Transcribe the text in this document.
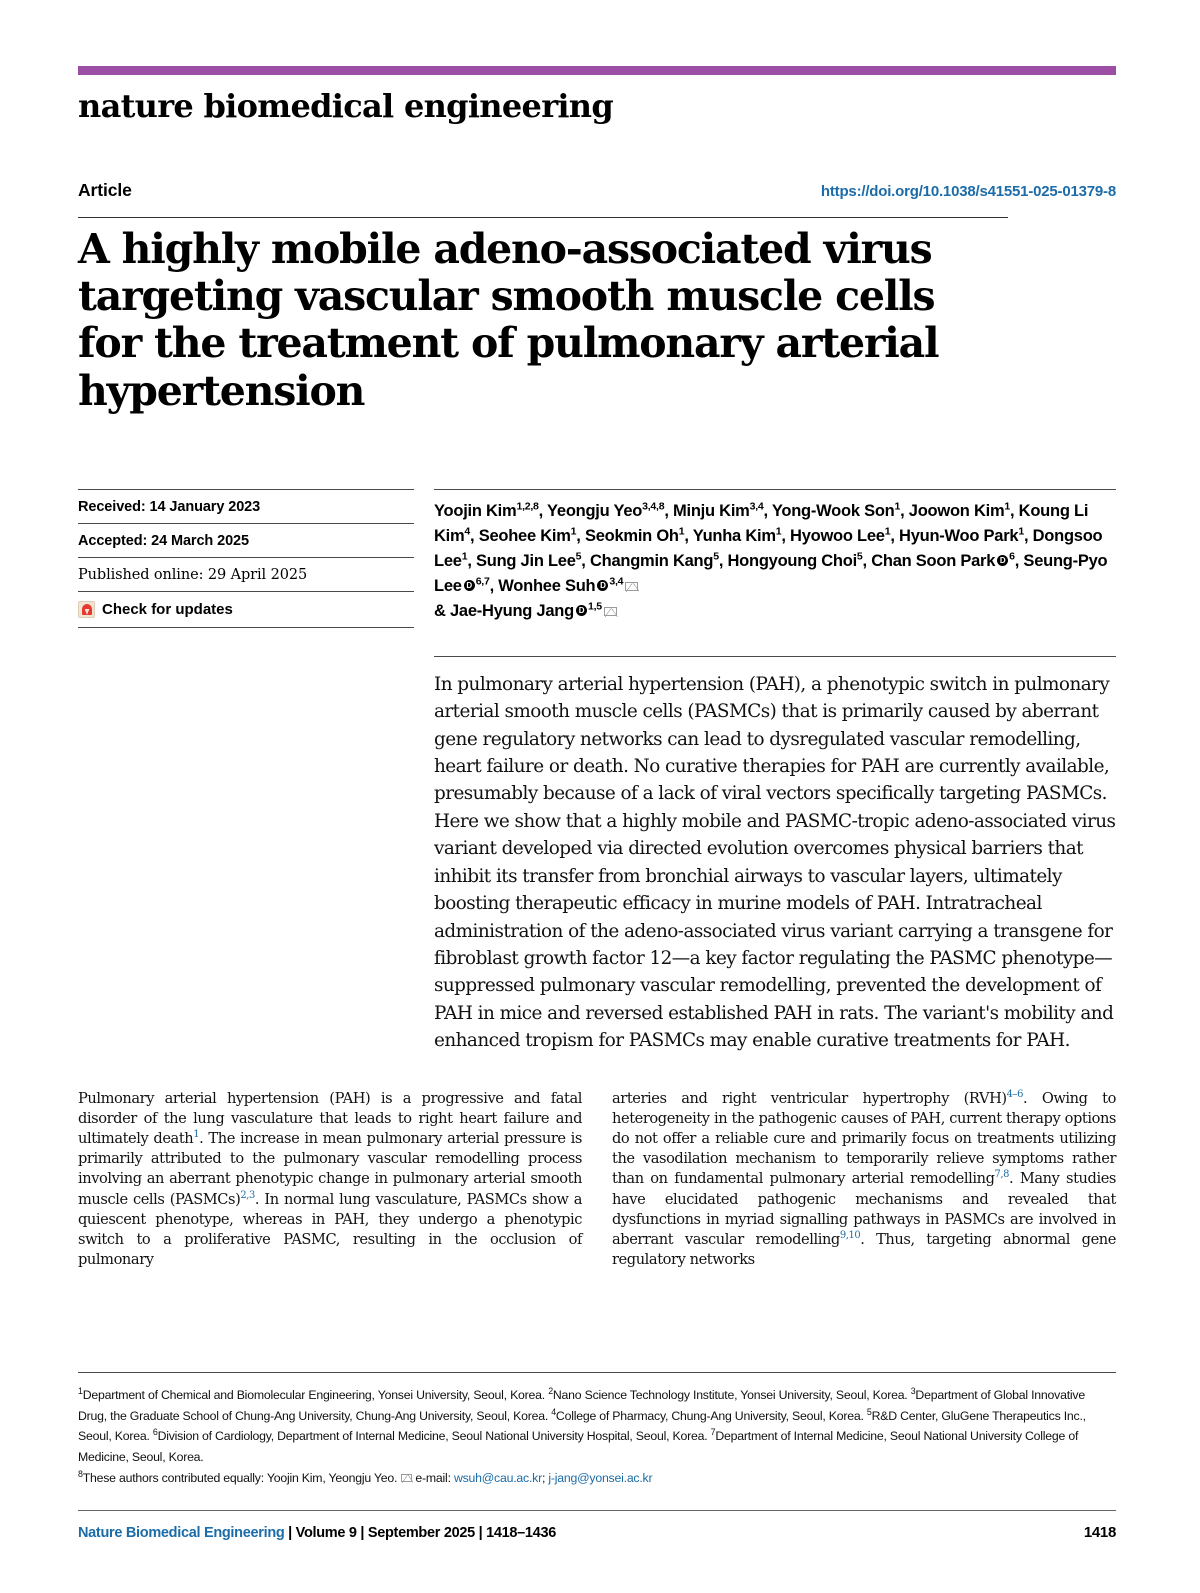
nature biomedical engineering
Article	https://doi.org/10.1038/s41551-025-01379-8
A highly mobile adeno-associated virus targeting vascular smooth muscle cells for the treatment of pulmonary arterial hypertension
Received: 14 January 2023
Accepted: 24 March 2025
Published online: 29 April 2025
Check for updates
Yoojin Kim$^{1,2,8}$, Yeongju Yeo$^{3,4,8}$, Minju Kim$^{3,4}$, Yong-Wook Son$^1$, Joowon Kim$^1$, Koung Li Kim$^4$, Seohee Kim$^1$, Seokmin Oh$^1$, Yunha Kim$^1$, Hyowoo Lee$^1$, Hyun-Woo Park$^1$, Dongsoo Lee$^1$, Sung Jin Lee$^5$, Changmin Kang$^5$, Hongyoung Choi$^5$, Chan Soon Park D $^6$, Seung-Pyo Lee D $^{6,7}$, Wonhee Suh D $^{3,4}$
& Jae-Hyung Jang D $^{1,5}$
In pulmonary arterial hypertension (PAH), a phenotypic switch in pulmonary arterial smooth muscle cells (PASMCs) that is primarily caused by aberrant gene regulatory networks can lead to dysregulated vascular remodelling, heart failure or death. No curative therapies for PAH are currently available, presumably because of a lack of viral vectors specifically targeting PASMCs. Here we show that a highly mobile and PASMC-tropic adeno-associated virus variant developed via directed evolution overcomes physical barriers that inhibit its transfer from bronchial airways to vascular layers, ultimately boosting therapeutic efficacy in murine models of PAH. Intratracheal administration of the adeno-associated virus variant carrying a transgene for fibroblast growth factor 12—a key factor regulating the PASMC phenotype—suppressed pulmonary vascular remodelling, prevented the development of PAH in mice and reversed established PAH in rats. The variant's mobility and enhanced tropism for PASMCs may enable curative treatments for PAH.
Pulmonary arterial hypertension (PAH) is a progressive and fatal disorder of the lung vasculature that leads to right heart failure and ultimately death$^1$. The increase in mean pulmonary arterial pressure is primarily attributed to the pulmonary vascular remodelling process involving an aberrant phenotypic change in pulmonary arterial smooth muscle cells (PASMCs)$^{2,3}$. In normal lung vasculature, PASMCs show a quiescent phenotype, whereas in PAH, they undergo a phenotypic switch to a proliferative PASMC, resulting in the occlusion of pulmonary
arteries and right ventricular hypertrophy (RVH)$^{4-6}$. Owing to heterogeneity in the pathogenic causes of PAH, current therapy options do not offer a reliable cure and primarily focus on treatments utilizing the vasodilation mechanism to temporarily relieve symptoms rather than on fundamental pulmonary arterial remodelling$^{7,8}$. Many studies have elucidated pathogenic mechanisms and revealed that dysfunctions in myriad signalling pathways in PASMCs are involved in aberrant vascular remodelling$^{9,10}$. Thus, targeting abnormal gene regulatory networks
$^1$Department of Chemical and Biomolecular Engineering, Yonsei University, Seoul, Korea. $^2$Nano Science Technology Institute, Yonsei University, Seoul, Korea. $^3$Department of Global Innovative Drug, the Graduate School of Chung-Ang University, Chung-Ang University, Seoul, Korea. $^4$College of Pharmacy, Chung-Ang University, Seoul, Korea. $^5$R&D Center, GluGene Therapeutics Inc., Seoul, Korea. $^6$Division of Cardiology, Department of Internal Medicine, Seoul National University Hospital, Seoul, Korea. $^7$Department of Internal Medicine, Seoul National University College of Medicine, Seoul, Korea.
$^8$These authors contributed equally: Yoojin Kim, Yeongju Yeo. e-mail: wsuh@cau.ac.kr; j-jang@yonsei.ac.kr
Nature Biomedical Engineering | Volume 9 | September 2025 | 1418–1436	1418
